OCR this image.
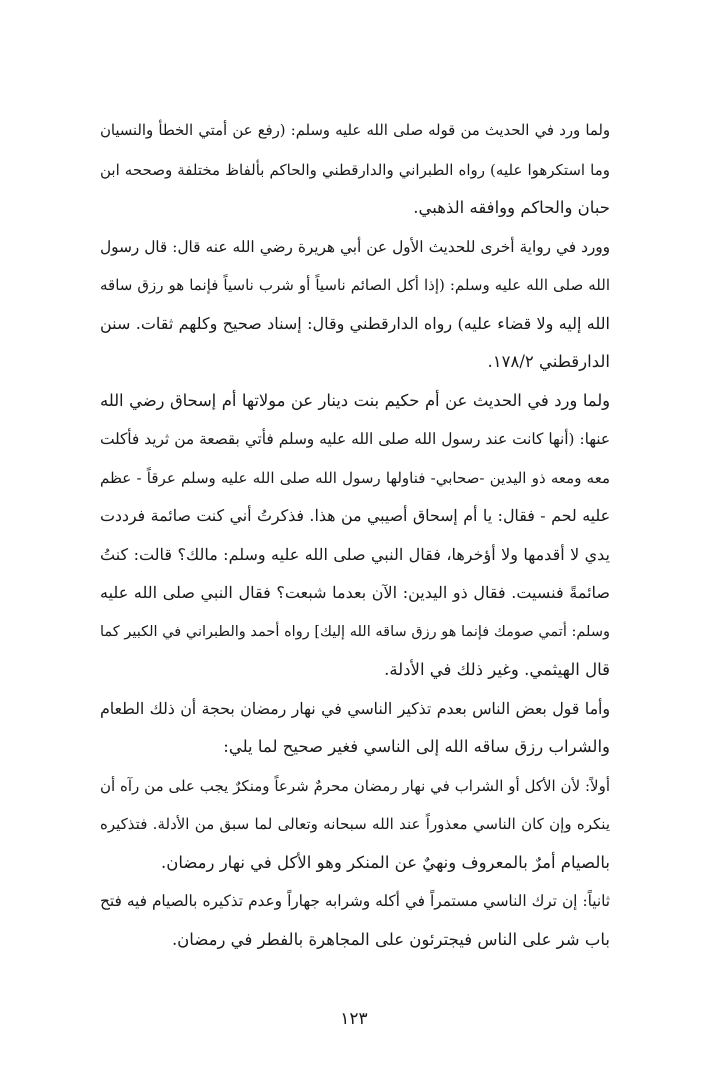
ولما ورد في الحديث من قوله صلى الله عليه وسلم: (رفع عن أمتي الخطأ والنسيان
وما استكرهوا عليه) رواه الطبراني والدارقطني والحاكم بألفاظ مختلفة وصححه ابن
حبان والحاكم ووافقه الذهبي.
وورد في رواية أخرى للحديث الأول عن أبي هريرة رضي الله عنه قال: قال رسول
الله صلى الله عليه وسلم: (إذا أكل الصائم ناسياً أو شرب ناسياً فإنما هو رزق ساقه
الله إليه ولا قضاء عليه) رواه الدارقطني وقال: إسناد صحيح وكلهم ثقات. سنن
الدارقطني ١٧٨/٢.
ولما ورد في الحديث عن أم حكيم بنت دينار عن مولاتها أم إسحاق رضي الله
عنها: (أنها كانت عند رسول الله صلى الله عليه وسلم فأتي بقصعة من ثريد فأكلت
معه ومعه ذو اليدين -صحابي- فناولها رسول الله صلى الله عليه وسلم عرقاً - عظم
عليه لحم - فقال: يا أم إسحاق أصيبي من هذا. فذكرتُ أني كنت صائمة فرددت
يدي لا أقدمها ولا أؤخرها، فقال النبي صلى الله عليه وسلم: مالك؟ قالت: كنتُ
صائمةً فنسيت. فقال ذو اليدين: الآن بعدما شبعت؟ فقال النبي صلى الله عليه
وسلم: أتمي صومك فإنما هو رزق ساقه الله إليك] رواه أحمد والطبراني في الكبير كما
قال الهيثمي. وغير ذلك في الأدلة.
وأما قول بعض الناس بعدم تذكير الناسي في نهار رمضان بحجة أن ذلك الطعام
والشراب رزق ساقه الله إلى الناسي فغير صحيح لما يلي:
أولاً: لأن الأكل أو الشراب في نهار رمضان محرمٌ شرعاً ومنكرٌ يجب على من رآه أن
ينكره وإن كان الناسي معذوراً عند الله سبحانه وتعالى لما سبق من الأدلة. فتذكيره
بالصيام أمرٌ بالمعروف ونهيٌ عن المنكر وهو الأكل في نهار رمضان.
ثانياً: إن ترك الناسي مستمراً في أكله وشرابه جهاراً وعدم تذكيره بالصيام فيه فتح
باب شر على الناس فيجترئون على المجاهرة بالفطر في رمضان.
١٢٣
